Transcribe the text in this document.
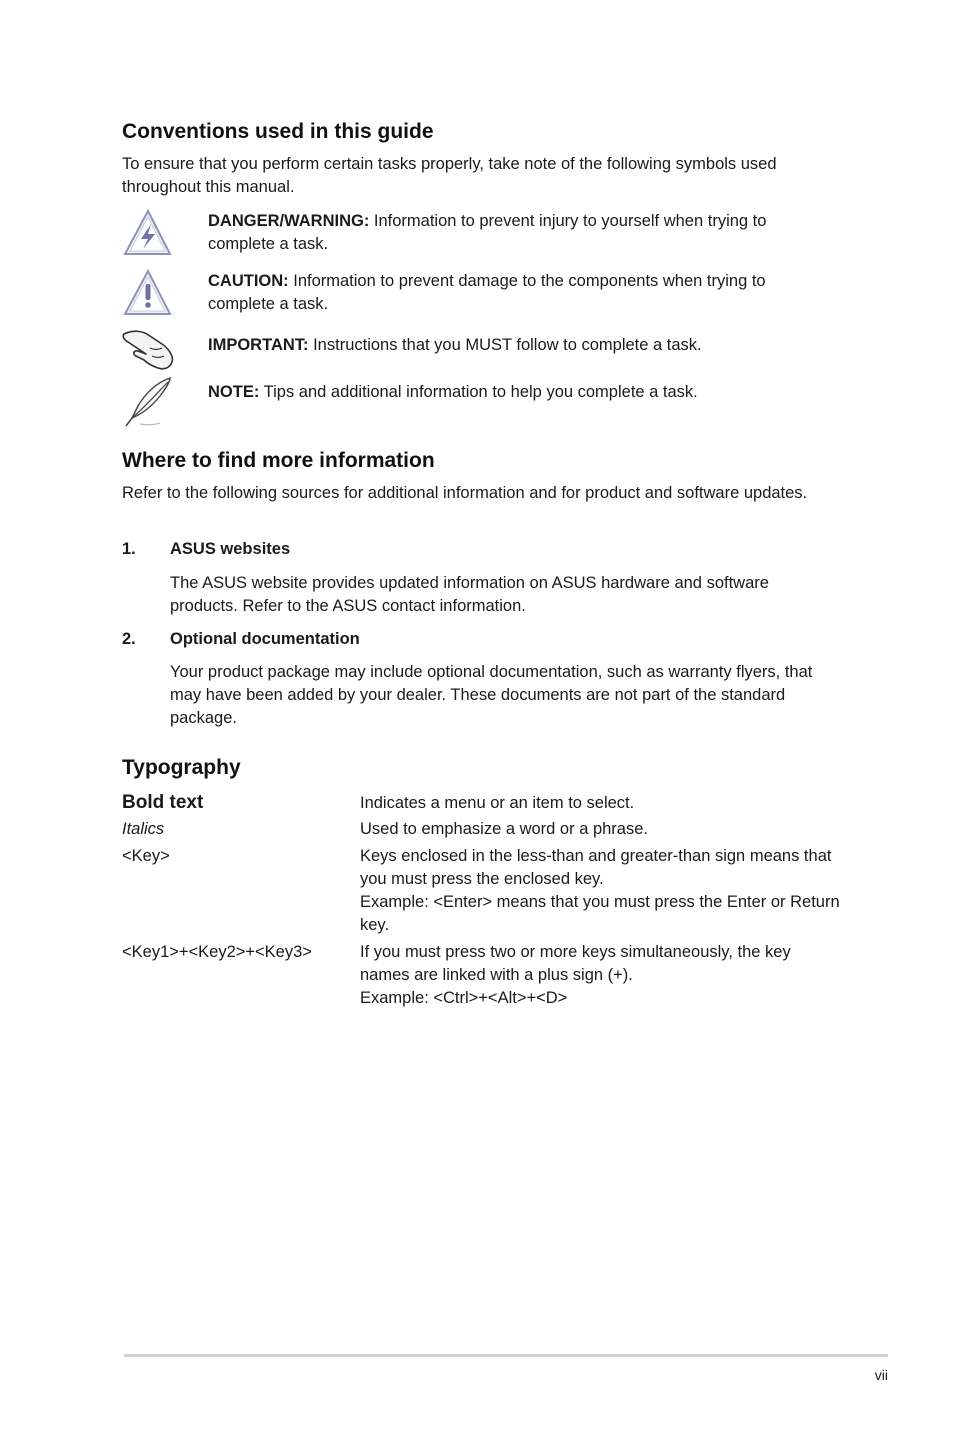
Conventions used in this guide
To ensure that you perform certain tasks properly, take note of the following symbols used throughout this manual.
DANGER/WARNING: Information to prevent injury to yourself when trying to complete a task.
CAUTION: Information to prevent damage to the components when trying to complete a task.
IMPORTANT: Instructions that you MUST follow to complete a task.
NOTE: Tips and additional information to help you complete a task.
Where to find more information
Refer to the following sources for additional information and for product and software updates.
1. ASUS websites
The ASUS website provides updated information on ASUS hardware and software products. Refer to the ASUS contact information.
2. Optional documentation
Your product package may include optional documentation, such as warranty flyers, that may have been added by your dealer. These documents are not part of the standard package.
Typography
Bold text	Indicates a menu or an item to select.
Italics	Used to emphasize a word or a phrase.
<Key>	Keys enclosed in the less-than and greater-than sign means that you must press the enclosed key.
Example: <Enter> means that you must press the Enter or Return key.
<Key1>+<Key2>+<Key3>	If you must press two or more keys simultaneously, the key names are linked with a plus sign (+).
Example: <Ctrl>+<Alt>+<D>
vii
